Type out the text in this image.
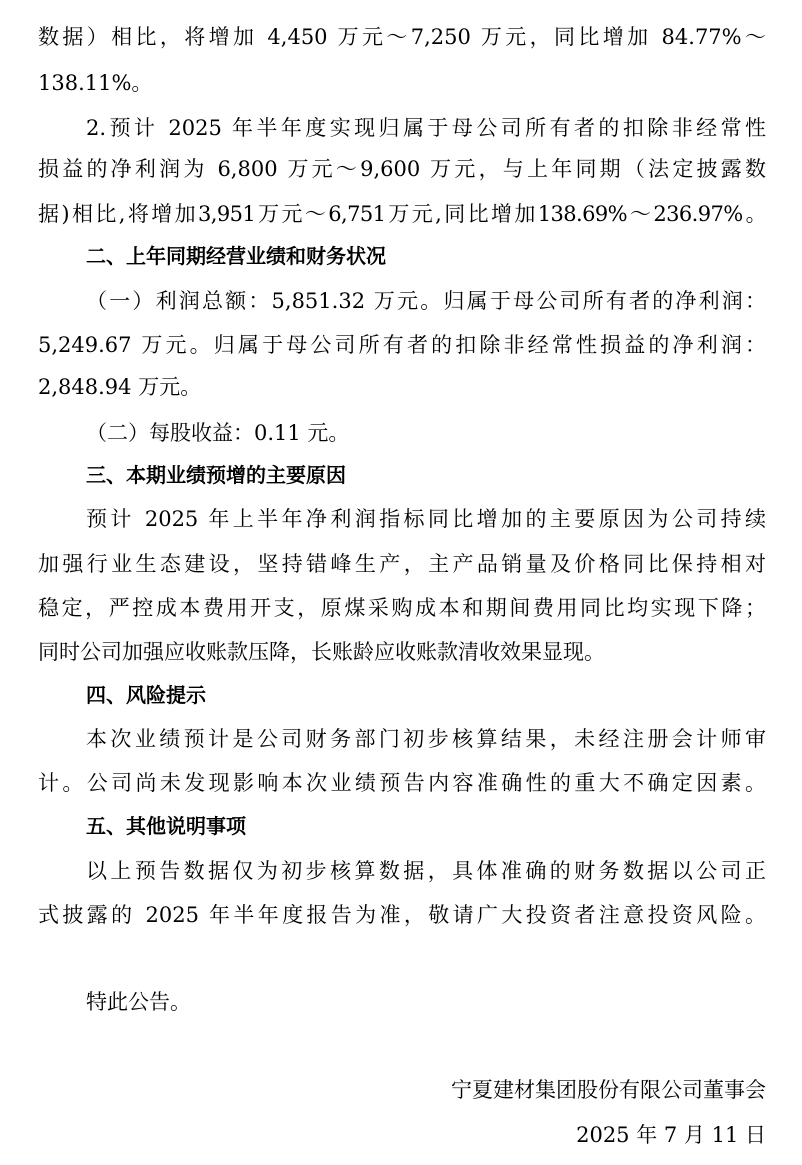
数据）相比，将增加 4,450 万元～7,250 万元，同比增加 84.77%～
138.11%。
2.预计 2025 年半年度实现归属于母公司所有者的扣除非经常性
损益的净利润为 6,800 万元～9,600 万元，与上年同期（法定披露数
据)相比,将增加3,951万元～6,751万元,同比增加138.69%～236.97%。
二、上年同期经营业绩和财务状况
（一）利润总额：5,851.32 万元。归属于母公司所有者的净利润：
5,249.67 万元。归属于母公司所有者的扣除非经常性损益的净利润：
2,848.94 万元。
（二）每股收益：0.11 元。
三、本期业绩预增的主要原因
预计 2025 年上半年净利润指标同比增加的主要原因为公司持续
加强行业生态建设，坚持错峰生产，主产品销量及价格同比保持相对
稳定，严控成本费用开支，原煤采购成本和期间费用同比均实现下降；
同时公司加强应收账款压降，长账龄应收账款清收效果显现。
四、风险提示
本次业绩预计是公司财务部门初步核算结果，未经注册会计师审
计。公司尚未发现影响本次业绩预告内容准确性的重大不确定因素。
五、其他说明事项
以上预告数据仅为初步核算数据，具体准确的财务数据以公司正
式披露的 2025 年半年度报告为准，敬请广大投资者注意投资风险。
特此公告。
宁夏建材集团股份有限公司董事会
2025 年 7 月 11 日
